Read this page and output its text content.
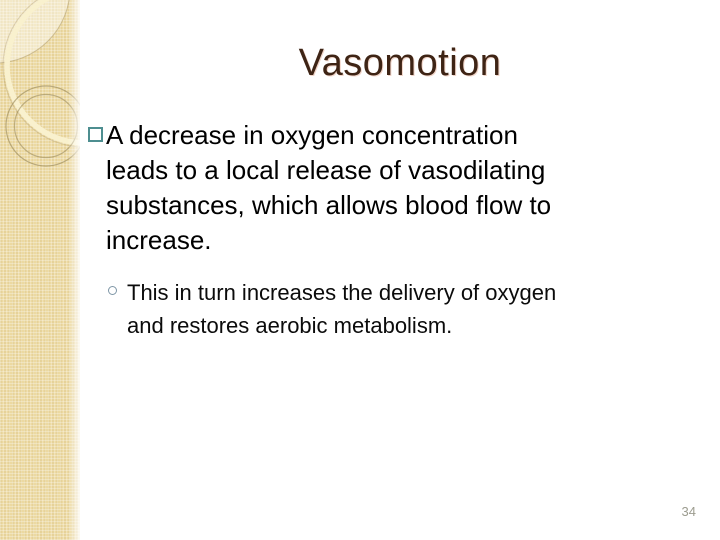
Vasomotion
A decrease in oxygen concentration
leads to a local release of vasodilating
substances, which allows blood flow to
increase.
This in turn increases the delivery of oxygen
and restores aerobic metabolism.
34
